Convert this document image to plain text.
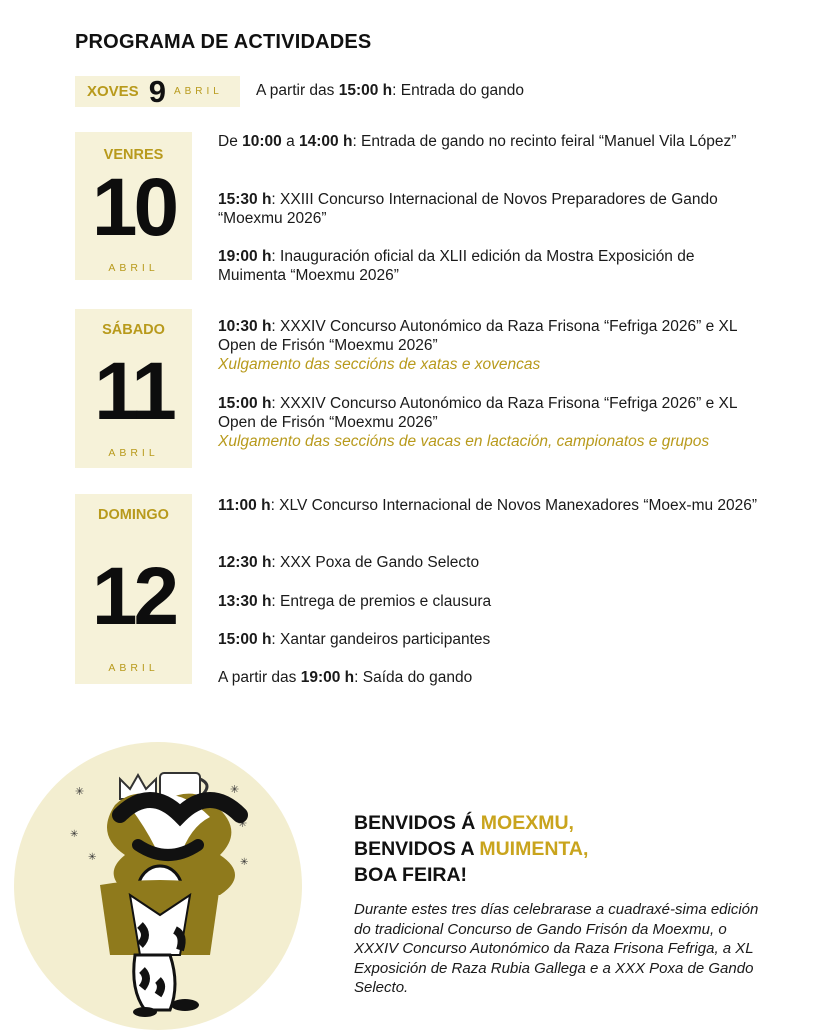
PROGRAMA DE ACTIVIDADES
XOVES 9 ABRIL A partir das 15:00 h: Entrada do gando
VENRES
10
ABRIL
De 10:00 a 14:00 h: Entrada de gando no recinto feiral “Manuel Vila López”
15:30 h: XXIII Concurso Internacional de Novos Preparadores de Gando “Moexmu 2026”
19:00 h: Inauguración oficial da XLII edición da Mostra Exposición de Muimenta “Moexmu 2026”
SÁBADO
11
ABRIL
10:30 h: XXXIV Concurso Autonómico da Raza Frisona “Fefriga 2026” e XL Open de Frisón “Moexmu 2026”
Xulgamento das seccións de xatas e xovencas
15:00 h: XXXIV Concurso Autonómico da Raza Frisona “Fefriga 2026” e XL Open de Frisón “Moexmu 2026”
Xulgamento das seccións de vacas en lactación, campionatos e grupos
DOMINGO
12
ABRIL
11:00 h: XLV Concurso Internacional de Novos Manexadores “Moex-mu 2026”
12:30 h: XXX Poxa de Gando Selecto
13:30 h: Entrega de premios e clausura
15:00 h: Xantar gandeiros participantes
A partir das 19:00 h: Saída do gando
✳	✳
✳
✳
✳	✳
BENVIDOS Á MOEXMU,
BENVIDOS A MUIMENTA,
BOA FEIRA!
Durante estes tres días celebrarase a cuadraxé-sima edición do tradicional Concurso de Gando Frisón da Moexmu, o XXXIV Concurso Autonómico da Raza Frisona Fefriga, a XL Exposición de Raza Rubia Gallega e a XXX Poxa de Gando Selecto.
